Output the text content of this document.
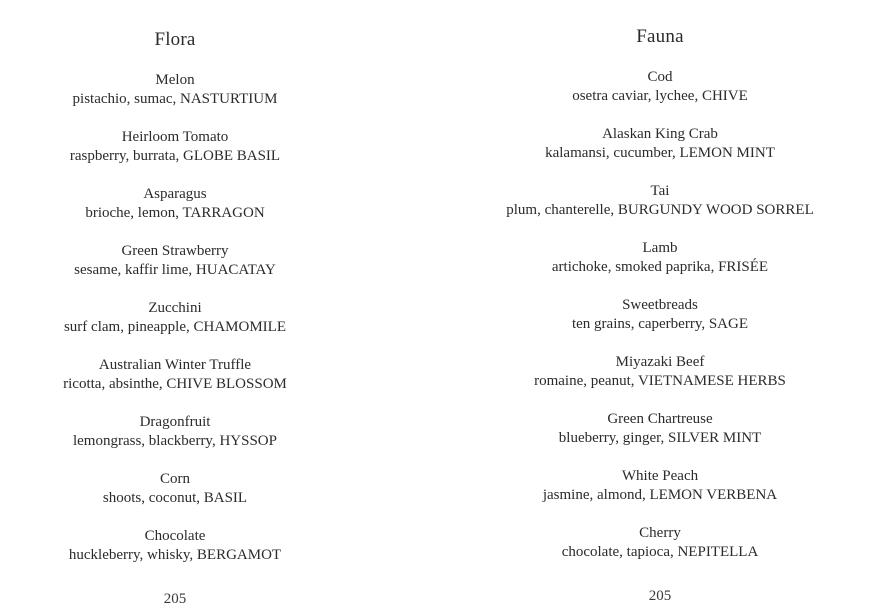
Flora
Melon
pistachio, sumac, NASTURTIUM
Heirloom Tomato
raspberry, burrata, GLOBE BASIL
Asparagus
brioche, lemon, TARRAGON
Green Strawberry
sesame, kaffir lime, HUACATAY
Zucchini
surf clam, pineapple, CHAMOMILE
Australian Winter Truffle
ricotta, absinthe, CHIVE BLOSSOM
Dragonfruit
lemongrass, blackberry, HYSSOP
Corn
shoots, coconut, BASIL
Chocolate
huckleberry, whisky, BERGAMOT
205
Fauna
Cod
osetra caviar, lychee, CHIVE
Alaskan King Crab
kalamansi, cucumber, LEMON MINT
Tai
plum, chanterelle, BURGUNDY WOOD SORREL
Lamb
artichoke, smoked paprika, FRISÉE
Sweetbreads
ten grains, caperberry, SAGE
Miyazaki Beef
romaine, peanut, VIETNAMESE HERBS
Green Chartreuse
blueberry, ginger, SILVER MINT
White Peach
jasmine, almond, LEMON VERBENA
Cherry
chocolate, tapioca, NEPITELLA
205
